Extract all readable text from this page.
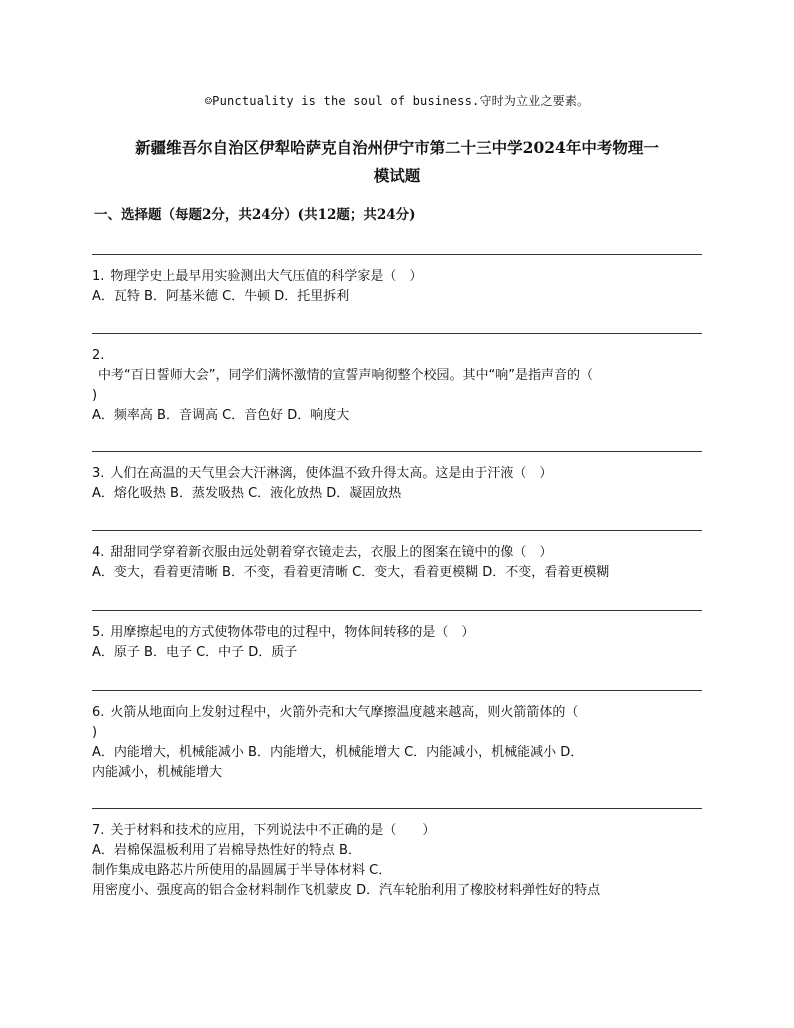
☺Punctuality is the soul of business.守时为立业之要素。
新疆维吾尔自治区伊犁哈萨克自治州伊宁市第二十三中学2024年中考物理一
模试题
一、选择题（每题2分，共24分）(共12题；共24分)
1. 物理学史上最早用实验测出大气压值的科学家是（　）
A．瓦特 B．阿基米德 C．牛顿 D．托里拆利
2.
中考“百日誓师大会”，同学们满怀激情的宣誓声响彻整个校园。其中“响”是指声音的（
)
A．频率高 B．音调高 C．音色好 D．响度大
3. 人们在高温的天气里会大汗淋漓，使体温不致升得太高。这是由于汗液（　）
A．熔化吸热 B．蒸发吸热 C．液化放热 D．凝固放热
4. 甜甜同学穿着新衣服由远处朝着穿衣镜走去，衣服上的图案在镜中的像（　）
A．变大，看着更清晰 B．不变，看着更清晰 C．变大，看着更模糊 D．不变，看着更模糊
5. 用摩擦起电的方式使物体带电的过程中，物体间转移的是（　）
A．原子 B．电子 C．中子 D．质子
6. 火箭从地面向上发射过程中，火箭外壳和大气摩擦温度越来越高，则火箭箭体的（
)
A．内能增大，机械能减小 B．内能增大，机械能增大 C．内能减小，机械能减小 D．
内能减小，机械能增大
7. 关于材料和技术的应用，下列说法中不正确的是（　　）
A．岩棉保温板利用了岩棉导热性好的特点 B．
制作集成电路芯片所使用的晶圆属于半导体材料 C．
用密度小、强度高的铝合金材料制作飞机蒙皮 D．汽车轮胎利用了橡胶材料弹性好的特点
